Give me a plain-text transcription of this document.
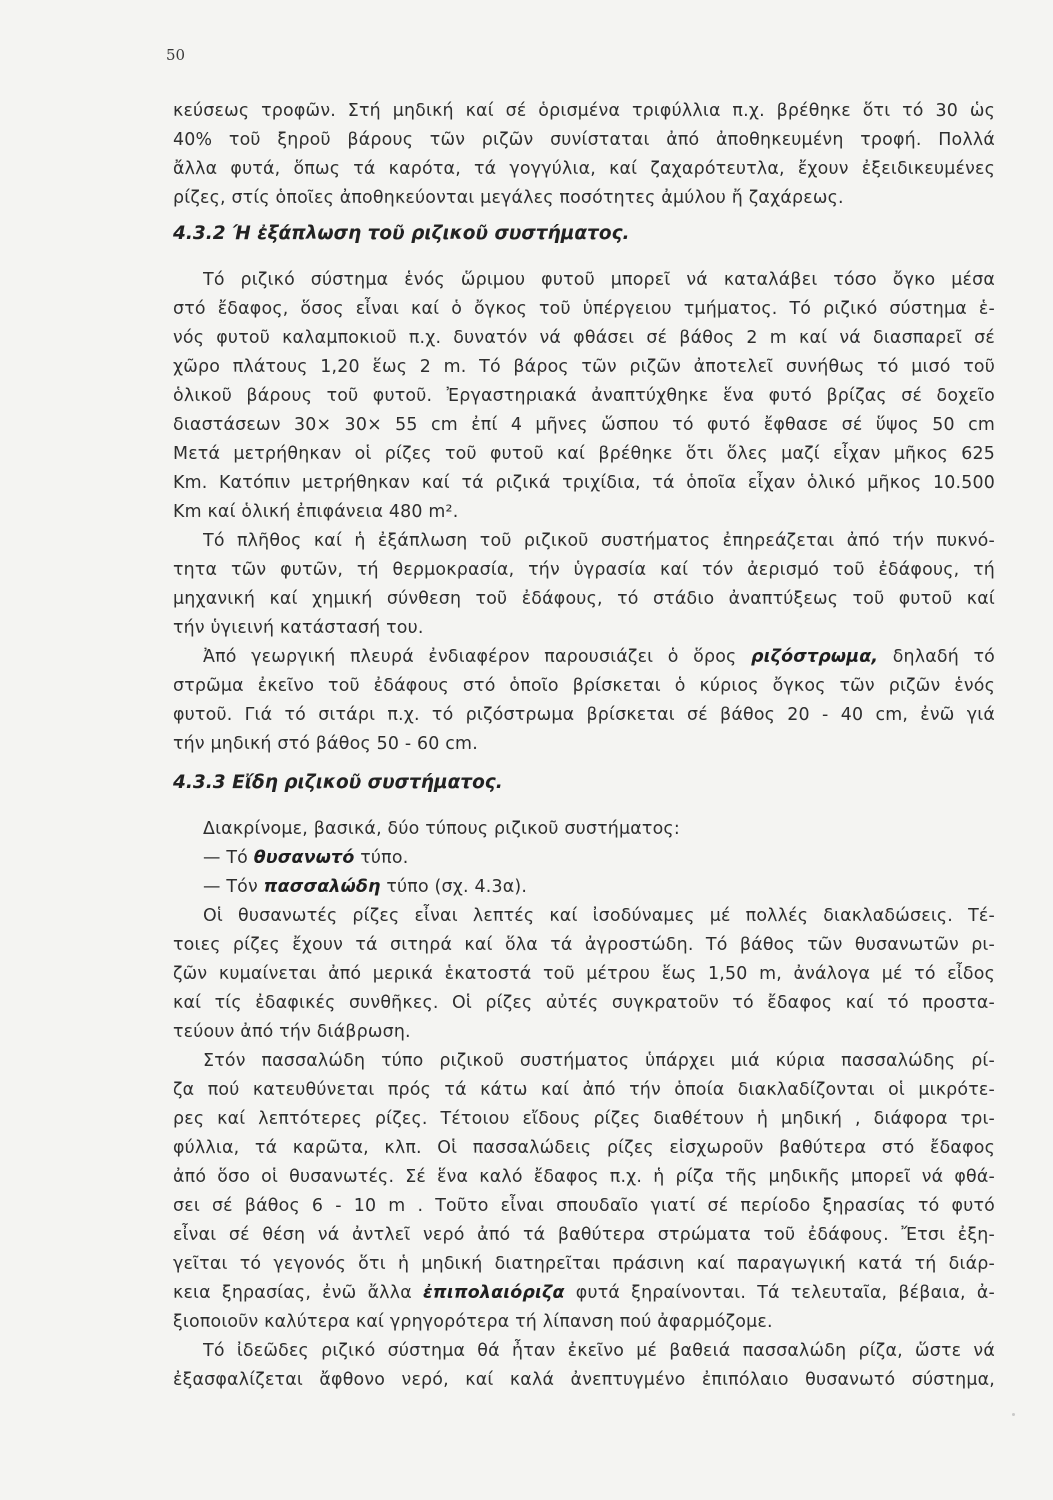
50
κεύσεως τροφῶν. Στή μηδική καί σέ ὁρισμένα τριφύλλια π.χ. βρέθηκε ὅτι τό 30 ὡς
40% τοῦ ξηροῦ βάρους τῶν ριζῶν συνίσταται ἀπό ἀποθηκευμένη τροφή. Πολλά
ἄλλα φυτά, ὅπως τά καρότα, τά γογγύλια, καί ζαχαρότευτλα, ἔχουν ἐξειδικευμένες
ρίζες, στίς ὁποῖες ἀποθηκεύονται μεγάλες ποσότητες ἀμύλου ἤ ζαχάρεως.
4.3.2 Ή ἐξάπλωση τοῦ ριζικοῦ συστήματος.
Τό ριζικό σύστημα ἑνός ὥριμου φυτοῦ μπορεῖ νά καταλάβει τόσο ὄγκο μέσα
στό ἔδαφος, ὅσος εἶναι καί ὁ ὄγκος τοῦ ὑπέργειου τμήματος. Τό ριζικό σύστημα ἑ-
νός φυτοῦ καλαμποκιοῦ π.χ. δυνατόν νά φθάσει σέ βάθος 2 m καί νά διασπαρεῖ σέ
χῶρο πλάτους 1,20 ἕως 2 m. Τό βάρος τῶν ριζῶν ἀποτελεῖ συνήθως τό μισό τοῦ
ὁλικοῦ βάρους τοῦ φυτοῦ. Ἐργαστηριακά ἀναπτύχθηκε ἕνα φυτό βρίζας σέ δοχεῖο
διαστάσεων 30× 30× 55 cm ἐπί 4 μῆνες ὥσπου τό φυτό ἔφθασε σέ ὕψος 50 cm
Μετά μετρήθηκαν οἱ ρίζες τοῦ φυτοῦ καί βρέθηκε ὅτι ὅλες μαζί εἶχαν μῆκος 625
Km. Κατόπιν μετρήθηκαν καί τά ριζικά τριχίδια, τά ὁποῖα εἶχαν ὁλικό μῆκος 10.500
Km καί ὁλική ἐπιφάνεια 480 m².
Τό πλῆθος καί ἡ ἐξάπλωση τοῦ ριζικοῦ συστήματος ἐπηρεάζεται ἀπό τήν πυκνό-
τητα τῶν φυτῶν, τή θερμοκρασία, τήν ὑγρασία καί τόν ἀερισμό τοῦ ἐδάφους, τή
μηχανική καί χημική σύνθεση τοῦ ἐδάφους, τό στάδιο ἀναπτύξεως τοῦ φυτοῦ καί
τήν ὑγιεινή κατάστασή του.
Ἀπό γεωργική πλευρά ἐνδιαφέρον παρουσιάζει ὁ ὅρος ριζόστρωμα, δηλαδή τό
στρῶμα ἐκεῖνο τοῦ ἐδάφους στό ὁποῖο βρίσκεται ὁ κύριος ὄγκος τῶν ριζῶν ἑνός
φυτοῦ. Γιά τό σιτάρι π.χ. τό ριζόστρωμα βρίσκεται σέ βάθος 20 - 40 cm, ἐνῶ γιά
τήν μηδική στό βάθος 50 - 60 cm.
4.3.3 Εἴδη ριζικοῦ συστήματος.
Διακρίνομε, βασικά, δύο τύπους ριζικοῦ συστήματος:
— Τό θυσανωτό τύπο.
— Τόν πασσαλώδη τύπο (σχ. 4.3α).
Οἱ θυσανωτές ρίζες εἶναι λεπτές καί ἰσοδύναμες μέ πολλές διακλαδώσεις. Τέ-
τοιες ρίζες ἔχουν τά σιτηρά καί ὅλα τά ἀγροστώδη. Τό βάθος τῶν θυσανωτῶν ρι-
ζῶν κυμαίνεται ἀπό μερικά ἑκατοστά τοῦ μέτρου ἕως 1,50 m, ἀνάλογα μέ τό εἶδος
καί τίς ἐδαφικές συνθῆκες. Οἱ ρίζες αὐτές συγκρατοῦν τό ἔδαφος καί τό προστα-
τεύουν ἀπό τήν διάβρωση.
Στόν πασσαλώδη τύπο ριζικοῦ συστήματος ὑπάρχει μιά κύρια πασσαλώδης ρί-
ζα πού κατευθύνεται πρός τά κάτω καί ἀπό τήν ὁποία διακλαδίζονται οἱ μικρότε-
ρες καί λεπτότερες ρίζες. Τέτοιου εἴδους ρίζες διαθέτουν ἡ μηδική , διάφορα τρι-
φύλλια, τά καρῶτα, κλπ. Οἱ πασσαλώδεις ρίζες εἰσχωροῦν βαθύτερα στό ἔδαφος
ἀπό ὅσο οἱ θυσανωτές. Σέ ἕνα καλό ἔδαφος π.χ. ἡ ρίζα τῆς μηδικῆς μπορεῖ νά φθά-
σει σέ βάθος 6 - 10 m . Τοῦτο εἶναι σπουδαῖο γιατί σέ περίοδο ξηρασίας τό φυτό
εἶναι σέ θέση νά ἀντλεῖ νερό ἀπό τά βαθύτερα στρώματα τοῦ ἐδάφους. Ἔτσι ἐξη-
γεῖται τό γεγονός ὅτι ἡ μηδική διατηρεῖται πράσινη καί παραγωγική κατά τή διάρ-
κεια ξηρασίας, ἐνῶ ἄλλα ἐπιπολαιόριζα φυτά ξηραίνονται. Τά τελευταῖα, βέβαια, ἀ-
ξιοποιοῦν καλύτερα καί γρηγορότερα τή λίπανση πού ἀφαρμόζομε.
Τό ἰδεῶδες ριζικό σύστημα θά ἦταν ἐκεῖνο μέ βαθειά πασσαλώδη ρίζα, ὥστε νά
ἐξασφαλίζεται ἄφθονο νερό, καί καλά ἀνεπτυγμένο ἐπιπόλαιο θυσανωτό σύστημα,
